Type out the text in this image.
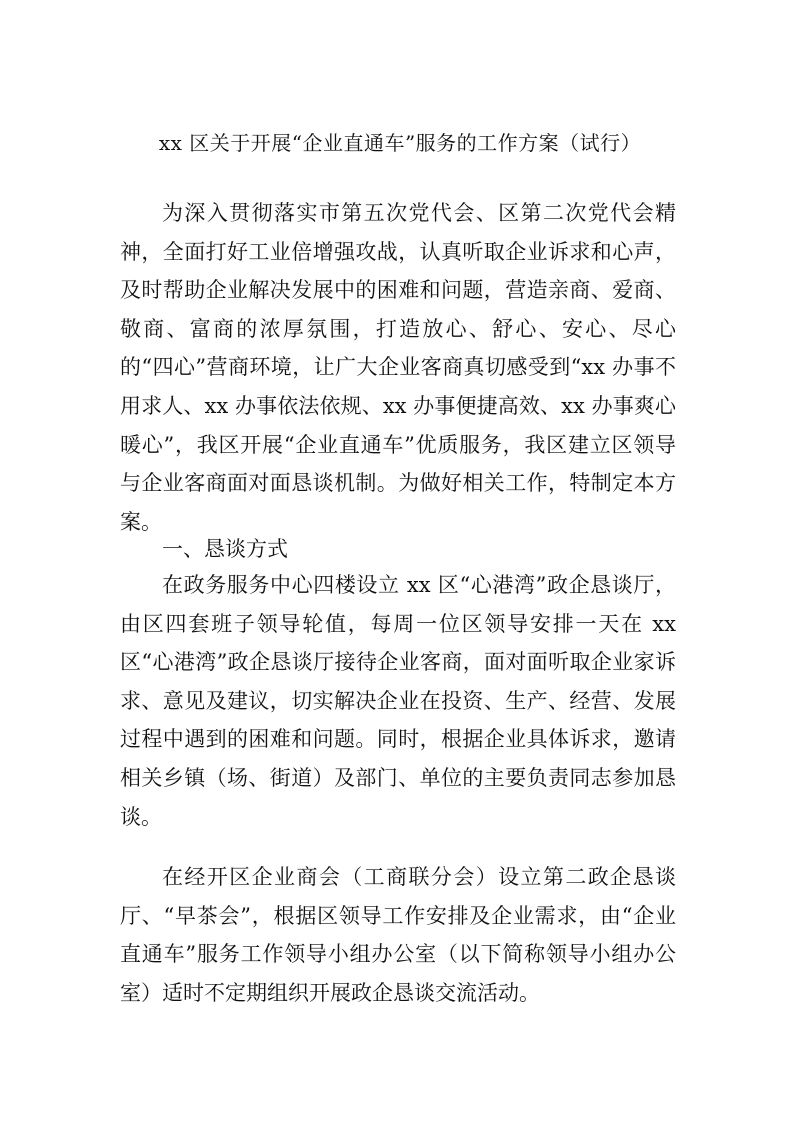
xx 区关于开展“企业直通车”服务的工作方案（试行）

为深入贯彻落实市第五次党代会、区第二次党代会精神，全面打好工业倍增强攻战，认真听取企业诉求和心声，及时帮助企业解决发展中的困难和问题，营造亲商、爱商、敬商、富商的浓厚氛围，打造放心、舒心、安心、尽心的“四心”营商环境，让广大企业客商真切感受到“xx 办事不用求人、xx 办事依法依规、xx 办事便捷高效、xx 办事爽心暖心”，我区开展“企业直通车”优质服务，我区建立区领导与企业客商面对面恳谈机制。为做好相关工作，特制定本方案。

一、恳谈方式

在政务服务中心四楼设立 xx 区“心港湾”政企恳谈厅，由区四套班子领导轮值，每周一位区领导安排一天在 xx 区“心港湾”政企恳谈厅接待企业客商，面对面听取企业家诉求、意见及建议，切实解决企业在投资、生产、经营、发展过程中遇到的困难和问题。同时，根据企业具体诉求，邀请相关乡镇（场、街道）及部门、单位的主要负责同志参加恳谈。

在经开区企业商会（工商联分会）设立第二政企恳谈厅、“早茶会”，根据区领导工作安排及企业需求，由“企业直通车”服务工作领导小组办公室（以下简称领导小组办公室）适时不定期组织开展政企恳谈交流活动。
